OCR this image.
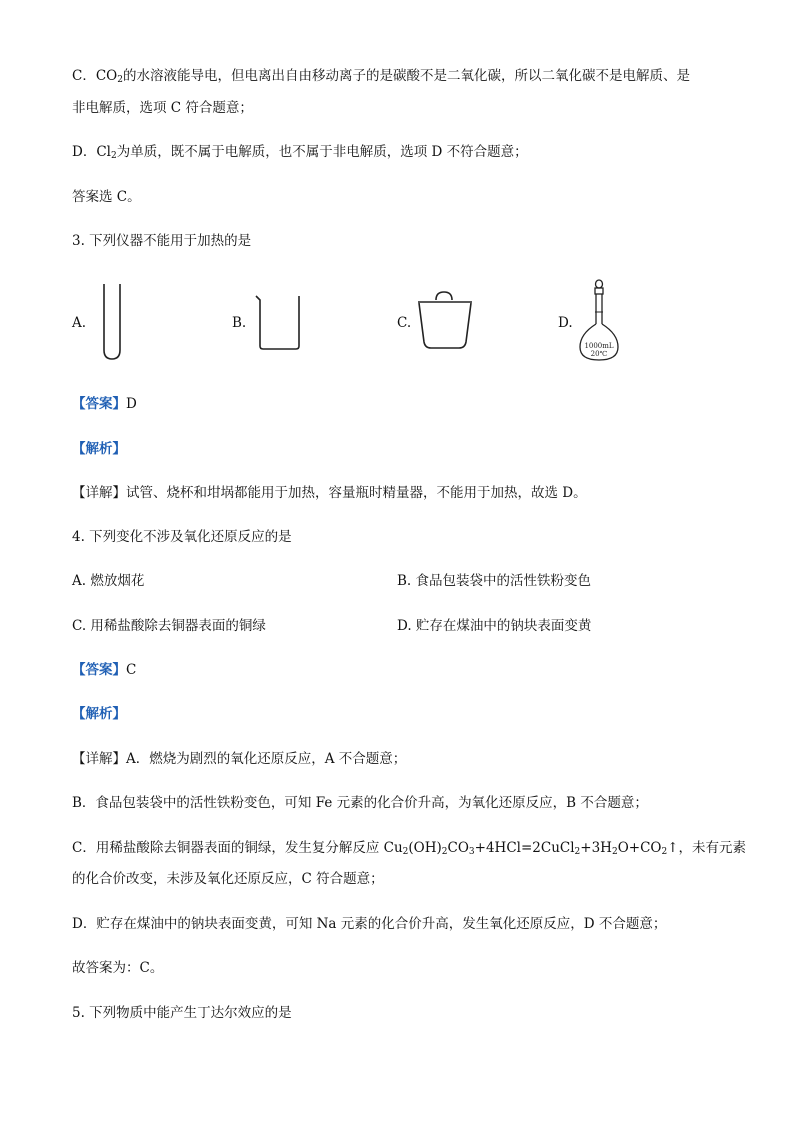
C．$CO_2$的水溶液能导电，但电离出自由移动离子的是碳酸不是二氧化碳，所以二氧化碳不是电解质、是
非电解质，选项 C 符合题意；
D．$Cl_2$为单质，既不属于电解质，也不属于非电解质，选项 D 不符合题意；
答案选 C。
3. 下列仪器不能用于加热的是
A.	B.	C.	D.
1000mL
20℃
【答案】D
【解析】
【详解】试管、烧杯和坩埚都能用于加热，容量瓶时精量器，不能用于加热，故选 D。
4. 下列变化不涉及氧化还原反应的是
A. 燃放烟花	B. 食品包装袋中的活性铁粉变色
C. 用稀盐酸除去铜器表面的铜绿	D. 贮存在煤油中的钠块表面变黄
【答案】C
【解析】
【详解】A．燃烧为剧烈的氧化还原反应，A 不合题意；
B．食品包装袋中的活性铁粉变色，可知 Fe 元素的化合价升高，为氧化还原反应，B 不合题意；
C．用稀盐酸除去铜器表面的铜绿，发生复分解反应 $Cu_2(OH)_2CO_3+4HCl=2CuCl_2+3H_2O+CO_2↑$，未有元素
的化合价改变，未涉及氧化还原反应，C 符合题意；
D．贮存在煤油中的钠块表面变黄，可知 Na 元素的化合价升高，发生氧化还原反应，D 不合题意；
故答案为：C。
5. 下列物质中能产生丁达尔效应的是
